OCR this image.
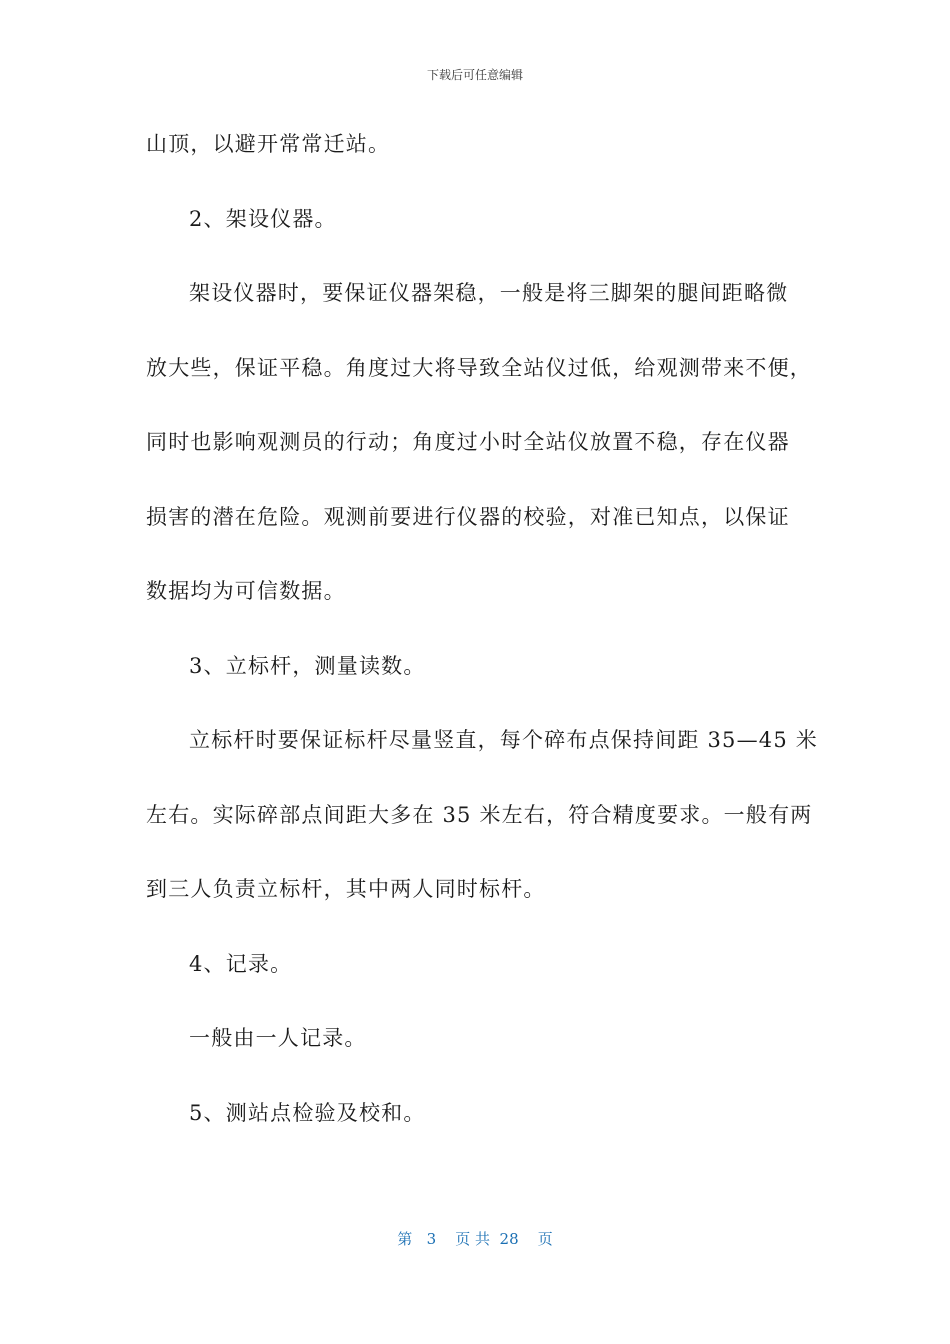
下载后可任意编辑
山顶，以避开常常迁站。
2、架设仪器。
架设仪器时，要保证仪器架稳，一般是将三脚架的腿间距略微
放大些，保证平稳。角度过大将导致全站仪过低，给观测带来不便，
同时也影响观测员的行动；角度过小时全站仪放置不稳，存在仪器
损害的潜在危险。观测前要进行仪器的校验，对准已知点，以保证
数据均为可信数据。
3、立标杆，测量读数。
立标杆时要保证标杆尽量竖直，每个碎布点保持间距 35—45 米
左右。实际碎部点间距大多在 35 米左右，符合精度要求。一般有两
到三人负责立标杆，其中两人同时标杆。
4、记录。
一般由一人记录。
5、测站点检验及校和。
第 3 页 共 28 页
